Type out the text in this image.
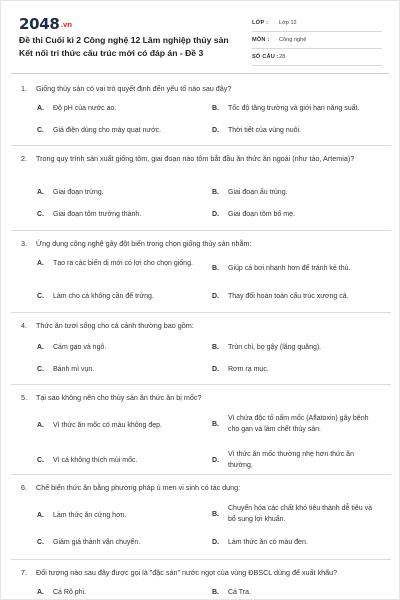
2048.vn
Đề thi Cuối kì 2 Công nghệ 12 Lâm nghiệp thủy sản Kết nối tri thức cấu trúc mới có đáp án - Đề 3
LỚP :	Lớp 12
MÔN :	Công nghệ
SỐ CÂU : 28
1. Giống thủy sản có vai trò quyết định đến yếu tố nào sau đây?
A.	Độ pH của nước ao.	B.	Tốc độ tăng trưởng và giới hạn năng suất.
C.	Giá điện dùng cho máy quạt nước.	D.	Thời tiết của vùng nuôi.
2. Trong quy trình sản xuất giống tôm, giai đoạn nào tôm bắt đầu ăn thức ăn ngoài (như tảo, Artemia)?
A.	Giai đoạn trứng.	B.	Giai đoạn ấu trùng.
C.	Giai đoạn tôm trưởng thành.	D.	Giai đoạn tôm bố mẹ.
3. Ứng dụng công nghệ gây đột biến trong chọn giống thủy sản nhằm:
A.	Tạo ra các biến dị mới có lợi cho chọn giống.
B.	Giúp cá bơi nhanh hơn để tránh kẻ thù.
C.	Làm cho cá không cần để trứng.	D.	Thay đổi hoàn toàn cấu trúc xương cá.
4. Thức ăn tươi sống cho cá cảnh thường bao gồm:
A.	Cám gạo và ngô.	B.	Trùn chỉ, bọ gậy (lăng quăng).
C.	Bánh mì vụn.	D.	Rơm rạ mục.
5. Tại sao không nên cho thủy sản ăn thức ăn bị mốc?
A.	Vì thức ăn mốc có màu không đẹp.	B.
Vì chứa độc tố nấm mốc (Aflatoxin) gây bệnh cho gan và làm chết thủy sản.
C.	Vì cá không thích mùi mốc.	D.
Vì thức ăn mốc thường nhẹ hơn thức ăn thường.
6. Chế biến thức ăn bằng phương pháp ủ men vi sinh có tác dụng:
A.	Làm thức ăn cứng hơn.	B.
Chuyển hóa các chất khó tiêu thành dễ tiêu và bổ sung lợi khuẩn.
C.	Giảm giá thành vận chuyển.	D.	Làm thức ăn có màu đen.
7. Đối tượng nào sau đây được gọi là "đặc sản" nước ngọt của vùng ĐBSCL dùng để xuất khẩu?
A.	Cá Rô phi.	B.	Cá Tra.
